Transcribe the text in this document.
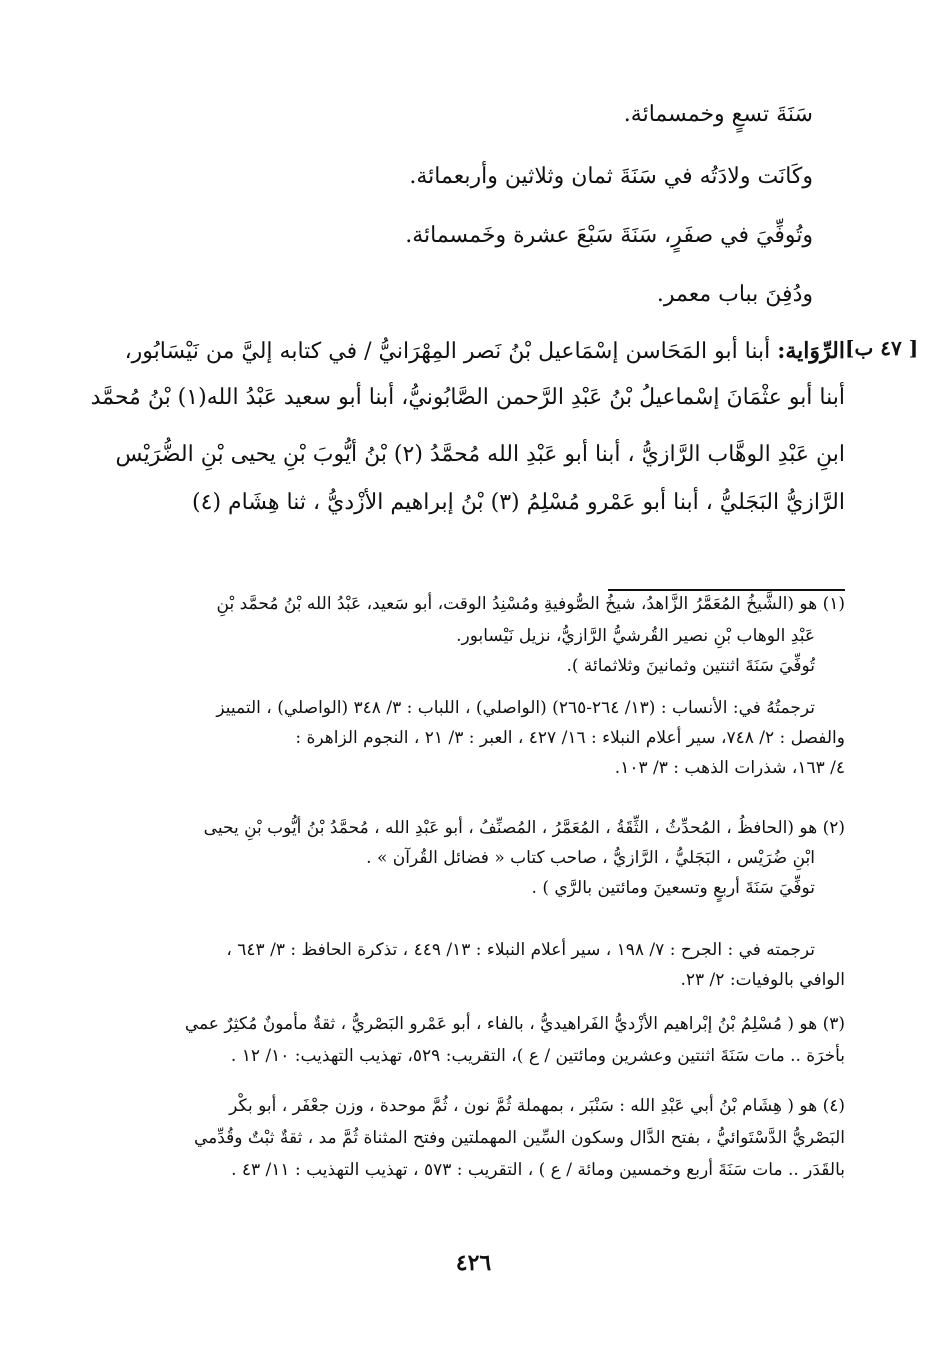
سَنَةَ تسعٍ وخمسمائة.
وكَانَت ولادَتُه في سَنَةَ ثمان وثلاثين وأربعمائة.
وتُوفِّيَ في صفَرٍ، سَنَةَ سَبْعَ عشرة وخَمسمائة.
ودُفِنَ بباب معمر.
الرِّوَاية: أبنا أبو المَحَاسن إسْمَاعيل بْنُ نَصر المِهْرَانيُّ / في كتابه إليَّ من نَيْسَابُور،
أبنا أبو عثْمَانَ إسْماعيلُ بْنُ عَبْدِ الرَّحمن الصَّابُونيُّ، أبنا أبو سعيد عَبْدُ الله(١) بْنُ مُحمَّد
ابنِ عَبْدِ الوهَّاب الرَّازيُّ ، أبنا أبو عَبْدِ الله مُحمَّدُ (٢) بْنُ أيُّوبَ بْنِ يحيى بْنِ الضُّرَيْس
الرَّازيُّ البَجَليُّ ، أبنا أبو عَمْرو مُسْلِمُ (٣) بْنُ إبراهيم الأزْديُّ ، ثنا هِشَام (٤)
[ ٤٧ ب]
(١) هو (الشَّيخُ المُعَمَّرُ الزَّاهدُ، شيخُ الصُّوفيةِ ومُسْنِدُ الوقت، أبو سَعيد، عَبْدُ الله بْنُ مُحمَّد بْنِ
عَبْدِ الوهاب بْنِ نصير القُرشيُّ الرَّازيُّ، نزيل نَيْسابور.
تُوفِّيَ سَنَةَ اثنتين وثمانينَ وثلاثمائة ).
ترجمتُهُ في: الأنساب : (١٣/ ٢٦٤-٢٦٥) (الواصلي) ، اللباب : ٣/ ٣٤٨ (الواصلي) ، التمييز
والفصل : ٢/ ٧٤٨، سير أعلام النبلاء : ١٦/ ٤٢٧ ، العبر : ٣/ ٢١ ، النجوم الزاهرة :
٤/ ١٦٣، شذرات الذهب : ٣/ ١٠٣.
(٢) هو (الحافظُ ، المُحدِّثُ ، الثِّقَةُ ، المُعَمَّرُ ، المُصنِّفُ ، أبو عَبْدِ الله ، مُحمَّدُ بْنُ أيُّوب بْنِ يحيى
ابْنِ ضُرَيْس ، البَجَليُّ ، الرَّازيُّ ، صاحب كتاب « فضائل القُرآن » .
توفِّيَ سَنَةَ أربعٍ وتسعينَ ومائتين بالرَّي ) .
ترجمته في : الجرح : ٧/ ١٩٨ ، سير أعلام النبلاء : ١٣/ ٤٤٩ ، تذكرة الحافظ : ٣/ ٦٤٣ ،
الوافي بالوفيات: ٢/ ٢٣.
(٣) هو ( مُسْلِمُ بْنُ إبْراهيم الأزْديُّ الفَراهيديُّ ، بالفاء ، أبو عَمْرو البَصْريُّ ، ثقةٌ مأمونٌ مُكثِرٌ عمي
بأخرَة .. مات سَنَةَ اثنتين وعشرين ومائتين / ع )، التقريب: ٥٢٩، تهذيب التهذيب: ١٠/ ١٢ .
(٤) هو ( هِشَام بْنُ أبي عَبْدِ الله : سَنْبَر ، بمهملة ثُمَّ نون ، ثُمَّ موحدة ، وزن جعْفَر ، أبو بكْر
البَصْريُّ الدَّسْتَوائيُّ ، بفتح الدَّال وسكون السِّين المهملتين وفتح المثناة ثُمَّ مد ، ثقةٌ ثبْتٌ وقُدِّمي
بالقَدَر .. مات سَنَةَ أربع وخمسين ومائة / ع ) ، التقريب : ٥٧٣ ، تهذيب التهذيب : ١١/ ٤٣ .
٤٢٦
